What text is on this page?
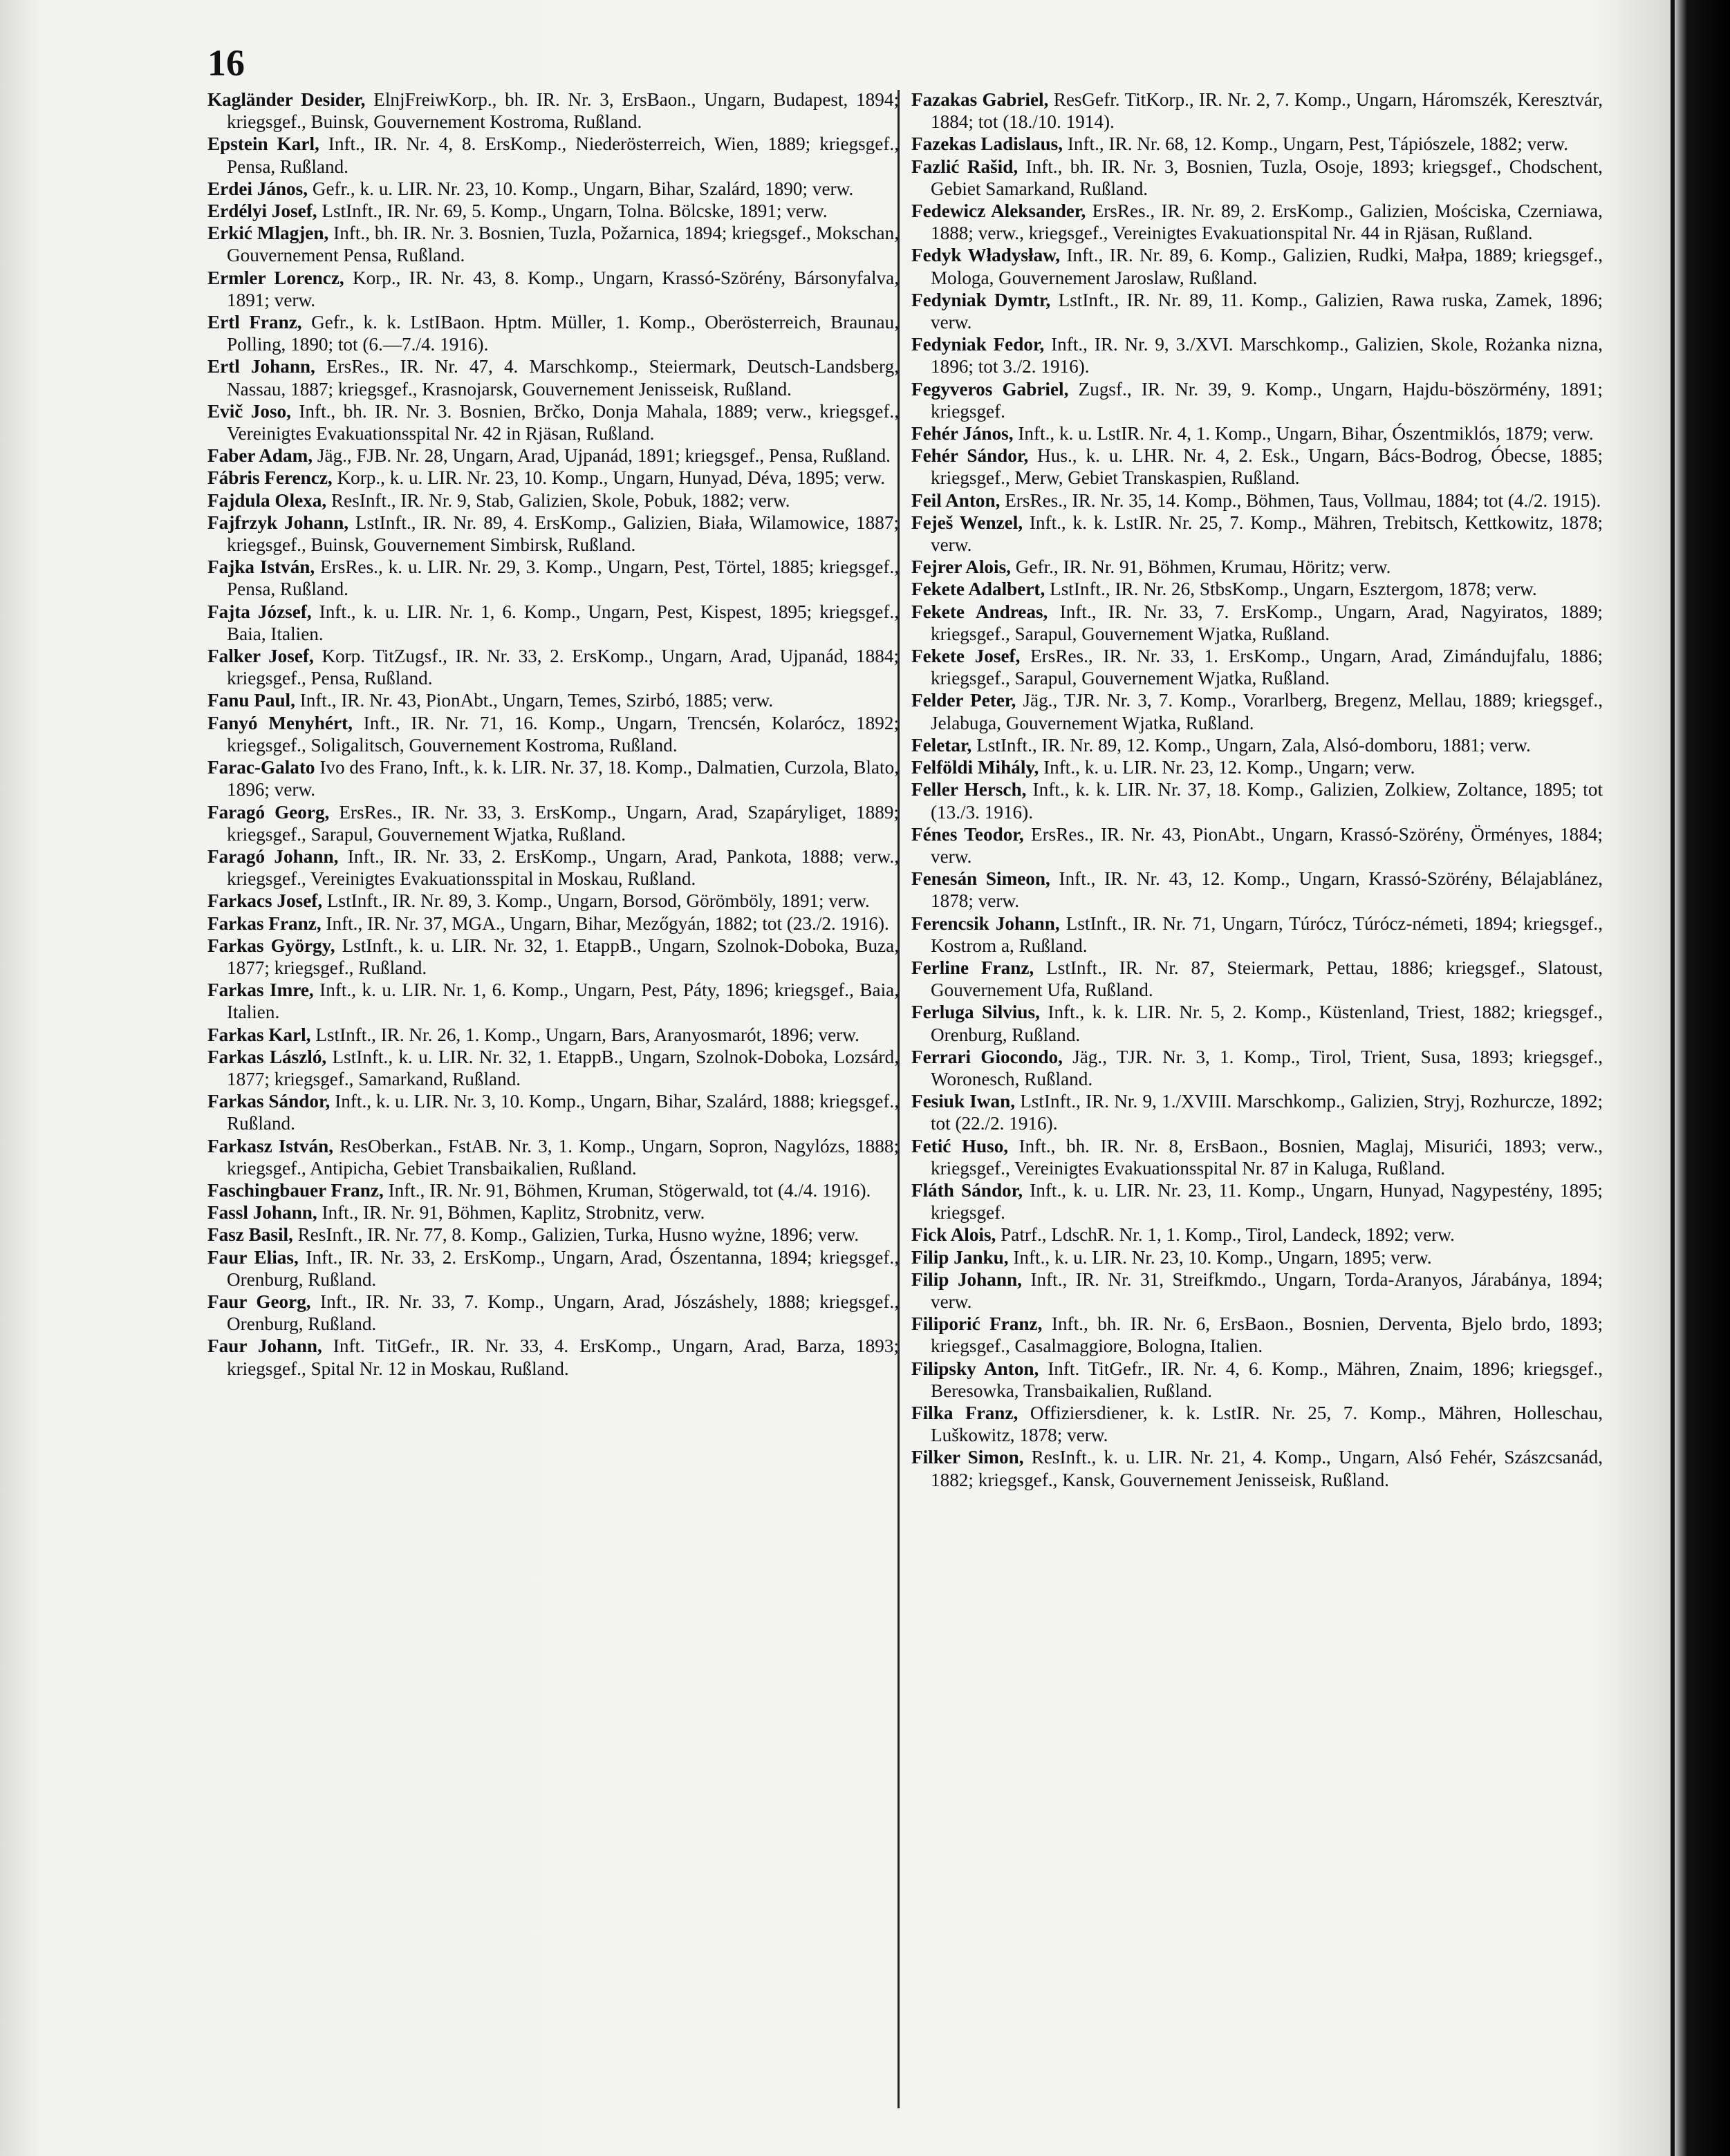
16

Kagländer Desider, ElnjFreiwKorp., bh. IR. Nr. 3, ErsBaon., Ungarn, Budapest, 1894; kriegsgef., Buinsk, Gouvernement Kostroma, Rußland.

Epstein Karl, Inft., IR. Nr. 4, 8. ErsKomp., Niederösterreich, Wien, 1889; kriegsgef., Pensa, Rußland.

Erdei János, Gefr., k. u. LIR. Nr. 23, 10. Komp., Ungarn, Bihar, Szalárd, 1890; verw.

Erdélyi Josef, LstInft., IR. Nr. 69, 5. Komp., Ungarn, Tolna. Bölcske, 1891; verw.

Erkić Mlagjen, Inft., bh. IR. Nr. 3. Bosnien, Tuzla, Požarnica, 1894; kriegsgef., Mokschan, Gouvernement Pensa, Rußland.

Ermler Lorencz, Korp., IR. Nr. 43, 8. Komp., Ungarn, Krassó-Szörény, Bársonyfalva, 1891; verw.

Ertl Franz, Gefr., k. k. LstIBaon. Hptm. Müller, 1. Komp., Oberösterreich, Braunau, Polling, 1890; tot (6.—7./4. 1916).

Ertl Johann, ErsRes., IR. Nr. 47, 4. Marschkomp., Steiermark, Deutsch-Landsberg, Nassau, 1887; kriegsgef., Krasnojarsk, Gouvernement Jenisseisk, Rußland.

Evič Joso, Inft., bh. IR. Nr. 3. Bosnien, Brčko, Donja Mahala, 1889; verw., kriegsgef., Vereinigtes Evakuationsspital Nr. 42 in Rjäsan, Rußland.

Faber Adam, Jäg., FJB. Nr. 28, Ungarn, Arad, Ujpanád, 1891; kriegsgef., Pensa, Rußland.

Fábris Ferencz, Korp., k. u. LIR. Nr. 23, 10. Komp., Ungarn, Hunyad, Déva, 1895; verw.

Fajdula Olexa, ResInft., IR. Nr. 9, Stab, Galizien, Skole, Pobuk, 1882; verw.

Fajfrzyk Johann, LstInft., IR. Nr. 89, 4. ErsKomp., Galizien, Biała, Wilamowice, 1887; kriegsgef., Buinsk, Gouvernement Simbirsk, Rußland.

Fajka István, ErsRes., k. u. LIR. Nr. 29, 3. Komp., Ungarn, Pest, Törtel, 1885; kriegsgef., Pensa, Rußland.

Fajta József, Inft., k. u. LIR. Nr. 1, 6. Komp., Ungarn, Pest, Kispest, 1895; kriegsgef., Baia, Italien.

Falker Josef, Korp. TitZugsf., IR. Nr. 33, 2. ErsKomp., Ungarn, Arad, Ujpanád, 1884; kriegsgef., Pensa, Rußland.

Fanu Paul, Inft., IR. Nr. 43, PionAbt., Ungarn, Temes, Szirbó, 1885; verw.

Fanyó Menyhért, Inft., IR. Nr. 71, 16. Komp., Ungarn, Trencsén, Kolarócz, 1892; kriegsgef., Soligalitsch, Gouvernement Kostroma, Rußland.

Farac-Galato Ivo des Frano, Inft., k. k. LIR. Nr. 37, 18. Komp., Dalmatien, Curzola, Blato, 1896; verw.

Faragó Georg, ErsRes., IR. Nr. 33, 3. ErsKomp., Ungarn, Arad, Szapáryliget, 1889; kriegsgef., Sarapul, Gouvernement Wjatka, Rußland.

Faragó Johann, Inft., IR. Nr. 33, 2. ErsKomp., Ungarn, Arad, Pankota, 1888; verw., kriegsgef., Vereinigtes Evakuationsspital in Moskau, Rußland.

Farkacs Josef, LstInft., IR. Nr. 89, 3. Komp., Ungarn, Borsod, Görömböly, 1891; verw.

Farkas Franz, Inft., IR. Nr. 37, MGA., Ungarn, Bihar, Mezőgyán, 1882; tot (23./2. 1916).

Farkas György, LstInft., k. u. LIR. Nr. 32, 1. EtappB., Ungarn, Szolnok-Doboka, Buza, 1877; kriegsgef., Rußland.

Farkas Imre, Inft., k. u. LIR. Nr. 1, 6. Komp., Ungarn, Pest, Páty, 1896; kriegsgef., Baia, Italien.

Farkas Karl, LstInft., IR. Nr. 26, 1. Komp., Ungarn, Bars, Aranyosmarót, 1896; verw.

Farkas László, LstInft., k. u. LIR. Nr. 32, 1. EtappB., Ungarn, Szolnok-Doboka, Lozsárd, 1877; kriegsgef., Samarkand, Rußland.

Farkas Sándor, Inft., k. u. LIR. Nr. 3, 10. Komp., Ungarn, Bihar, Szalárd, 1888; kriegsgef., Rußland.

Farkasz István, ResOberkan., FstAB. Nr. 3, 1. Komp., Ungarn, Sopron, Nagylózs, 1888; kriegsgef., Antipicha, Gebiet Transbaikalien, Rußland.

Faschingbauer Franz, Inft., IR. Nr. 91, Böhmen, Kruman, Stögerwald, tot (4./4. 1916).

Fassl Johann, Inft., IR. Nr. 91, Böhmen, Kaplitz, Strobnitz, verw.

Fasz Basil, ResInft., IR. Nr. 77, 8. Komp., Galizien, Turka, Husno wyżne, 1896; verw.

Faur Elias, Inft., IR. Nr. 33, 2. ErsKomp., Ungarn, Arad, Ószentanna, 1894; kriegsgef., Orenburg, Rußland.

Faur Georg, Inft., IR. Nr. 33, 7. Komp., Ungarn, Arad, Jószáshely, 1888; kriegsgef., Orenburg, Rußland.

Faur Johann, Inft. TitGefr., IR. Nr. 33, 4. ErsKomp., Ungarn, Arad, Barza, 1893; kriegsgef., Spital Nr. 12 in Moskau, Rußland.

Fazakas Gabriel, ResGefr. TitKorp., IR. Nr. 2, 7. Komp., Ungarn, Háromszék, Keresztvár, 1884; tot (18./10. 1914).

Fazekas Ladislaus, Inft., IR. Nr. 68, 12. Komp., Ungarn, Pest, Tápiószele, 1882; verw.

Fazlić Rašid, Inft., bh. IR. Nr. 3, Bosnien, Tuzla, Osoje, 1893; kriegsgef., Chodschent, Gebiet Samarkand, Rußland.

Fedewicz Aleksander, ErsRes., IR. Nr. 89, 2. ErsKomp., Galizien, Mościska, Czerniawa, 1888; verw., kriegsgef., Vereinigtes Evakuationspital Nr. 44 in Rjäsan, Rußland.

Fedyk Władysław, Inft., IR. Nr. 89, 6. Komp., Galizien, Rudki, Małpa, 1889; kriegsgef., Mologa, Gouvernement Jaroslaw, Rußland.

Fedyniak Dymtr, LstInft., IR. Nr. 89, 11. Komp., Galizien, Rawa ruska, Zamek, 1896; verw.

Fedyniak Fedor, Inft., IR. Nr. 9, 3./XVI. Marschkomp., Galizien, Skole, Rożanka nizna, 1896; tot 3./2. 1916).

Fegyveros Gabriel, Zugsf., IR. Nr. 39, 9. Komp., Ungarn, Hajdu-böszörmény, 1891; kriegsgef.

Fehér János, Inft., k. u. LstIR. Nr. 4, 1. Komp., Ungarn, Bihar, Ószentmiklós, 1879; verw.

Fehér Sándor, Hus., k. u. LHR. Nr. 4, 2. Esk., Ungarn, Bács-Bodrog, Óbecse, 1885; kriegsgef., Merw, Gebiet Transkaspien, Rußland.

Feil Anton, ErsRes., IR. Nr. 35, 14. Komp., Böhmen, Taus, Vollmau, 1884; tot (4./2. 1915).

Feješ Wenzel, Inft., k. k. LstIR. Nr. 25, 7. Komp., Mähren, Trebitsch, Kettkowitz, 1878; verw.

Fejrer Alois, Gefr., IR. Nr. 91, Böhmen, Krumau, Höritz; verw.

Fekete Adalbert, LstInft., IR. Nr. 26, StbsKomp., Ungarn, Esztergom, 1878; verw.

Fekete Andreas, Inft., IR. Nr. 33, 7. ErsKomp., Ungarn, Arad, Nagyiratos, 1889; kriegsgef., Sarapul, Gouvernement Wjatka, Rußland.

Fekete Josef, ErsRes., IR. Nr. 33, 1. ErsKomp., Ungarn, Arad, Zimándujfalu, 1886; kriegsgef., Sarapul, Gouvernement Wjatka, Rußland.

Felder Peter, Jäg., TJR. Nr. 3, 7. Komp., Vorarlberg, Bregenz, Mellau, 1889; kriegsgef., Jelabuga, Gouvernement Wjatka, Rußland.

Feletar, LstInft., IR. Nr. 89, 12. Komp., Ungarn, Zala, Alsó-domboru, 1881; verw.

Felföldi Mihály, Inft., k. u. LIR. Nr. 23, 12. Komp., Ungarn; verw.

Feller Hersch, Inft., k. k. LIR. Nr. 37, 18. Komp., Galizien, Zolkiew, Zoltance, 1895; tot (13./3. 1916).

Fénes Teodor, ErsRes., IR. Nr. 43, PionAbt., Ungarn, Krassó-Szörény, Örményes, 1884; verw.

Fenesán Simeon, Inft., IR. Nr. 43, 12. Komp., Ungarn, Krassó-Szörény, Bélajablánez, 1878; verw.

Ferencsik Johann, LstInft., IR. Nr. 71, Ungarn, Túrócz, Túrócz-németi, 1894; kriegsgef., Kostrom a, Rußland.

Ferline Franz, LstInft., IR. Nr. 87, Steiermark, Pettau, 1886; kriegsgef., Slatoust, Gouvernement Ufa, Rußland.

Ferluga Silvius, Inft., k. k. LIR. Nr. 5, 2. Komp., Küstenland, Triest, 1882; kriegsgef., Orenburg, Rußland.

Ferrari Giocondo, Jäg., TJR. Nr. 3, 1. Komp., Tirol, Trient, Susa, 1893; kriegsgef., Woronesch, Rußland.

Fesiuk Iwan, LstInft., IR. Nr. 9, 1./XVIII. Marschkomp., Galizien, Stryj, Rozhurcze, 1892; tot (22./2. 1916).

Fetić Huso, Inft., bh. IR. Nr. 8, ErsBaon., Bosnien, Maglaj, Misurići, 1893; verw., kriegsgef., Vereinigtes Evakuationsspital Nr. 87 in Kaluga, Rußland.

Fláth Sándor, Inft., k. u. LIR. Nr. 23, 11. Komp., Ungarn, Hunyad, Nagypestény, 1895; kriegsgef.

Fick Alois, Patrf., LdschR. Nr. 1, 1. Komp., Tirol, Landeck, 1892; verw.

Filip Janku, Inft., k. u. LIR. Nr. 23, 10. Komp., Ungarn, 1895; verw.

Filip Johann, Inft., IR. Nr. 31, Streifkmdo., Ungarn, Torda-Aranyos, Járabánya, 1894; verw.

Filiporić Franz, Inft., bh. IR. Nr. 6, ErsBaon., Bosnien, Derventa, Bjelo brdo, 1893; kriegsgef., Casalmaggiore, Bologna, Italien.

Filipsky Anton, Inft. TitGefr., IR. Nr. 4, 6. Komp., Mähren, Znaim, 1896; kriegsgef., Beresowka, Transbaikalien, Rußland.

Filka Franz, Offiziersdiener, k. k. LstIR. Nr. 25, 7. Komp., Mähren, Holleschau, Luškowitz, 1878; verw.

Filker Simon, ResInft., k. u. LIR. Nr. 21, 4. Komp., Ungarn, Alsó Fehér, Szászcsanád, 1882; kriegsgef., Kansk, Gouvernement Jenisseisk, Rußland.
